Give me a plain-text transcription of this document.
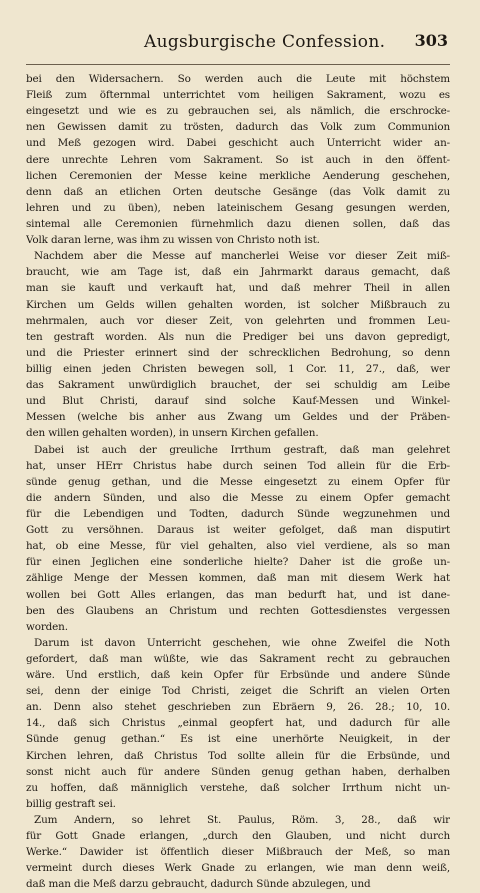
Augsburgische Confession. 303
bei den Widersachern. So werden auch die Leute mit höchstem
Fleiß zum öfternmal unterrichtet vom heiligen Sakrament, wozu es
eingesetzt und wie es zu gebrauchen sei, als nämlich, die erschrocke-
nen Gewissen damit zu trösten, dadurch das Volk zum Communion
und Meß gezogen wird. Dabei geschicht auch Unterricht wider an-
dere unrechte Lehren vom Sakrament. So ist auch in den öffent-
lichen Ceremonien der Messe keine merkliche Aenderung geschehen,
denn daß an etlichen Orten deutsche Gesänge (das Volk damit zu
lehren und zu üben), neben lateinischem Gesang gesungen werden,
sintemal alle Ceremonien fürnehmlich dazu dienen sollen, daß das
Volk daran lerne, was ihm zu wissen von Christo noth ist.
Nachdem aber die Messe auf mancherlei Weise vor dieser Zeit miß-
braucht, wie am Tage ist, daß ein Jahrmarkt daraus gemacht, daß
man sie kauft und verkauft hat, und daß mehrer Theil in allen
Kirchen um Gelds willen gehalten worden, ist solcher Mißbrauch zu
mehrmalen, auch vor dieser Zeit, von gelehrten und frommen Leu-
ten gestraft worden. Als nun die Prediger bei uns davon gepredigt,
und die Priester erinnert sind der schrecklichen Bedrohung, so denn
billig einen jeden Christen bewegen soll, 1 Cor. 11, 27., daß, wer
das Sakrament unwürdiglich brauchet, der sei schuldig am Leibe
und Blut Christi, darauf sind solche Kauf-Messen und Winkel-
Messen (welche bis anher aus Zwang um Geldes und der Präben-
den willen gehalten worden), in unsern Kirchen gefallen.
Dabei ist auch der greuliche Irrthum gestraft, daß man gelehret
hat, unser HErr Christus habe durch seinen Tod allein für die Erb-
sünde genug gethan, und die Messe eingesetzt zu einem Opfer für
die andern Sünden, und also die Messe zu einem Opfer gemacht
für die Lebendigen und Todten, dadurch Sünde wegzunehmen und
Gott zu versöhnen. Daraus ist weiter gefolget, daß man disputirt
hat, ob eine Messe, für viel gehalten, also viel verdiene, als so man
für einen Jeglichen eine sonderliche hielte? Daher ist die große un-
zählige Menge der Messen kommen, daß man mit diesem Werk hat
wollen bei Gott Alles erlangen, das man bedurft hat, und ist dane-
ben des Glaubens an Christum und rechten Gottesdienstes vergessen
worden.
Darum ist davon Unterricht geschehen, wie ohne Zweifel die Noth
gefordert, daß man wüßte, wie das Sakrament recht zu gebrauchen
wäre. Und erstlich, daß kein Opfer für Erbsünde und andere Sünde
sei, denn der einige Tod Christi, zeiget die Schrift an vielen Orten
an. Denn also stehet geschrieben zun Ebräern 9, 26. 28.; 10, 10.
14., daß sich Christus „einmal geopfert hat, und dadurch für alle
Sünde genug gethan.“ Es ist eine unerhörte Neuigkeit, in der
Kirchen lehren, daß Christus Tod sollte allein für die Erbsünde, und
sonst nicht auch für andere Sünden genug gethan haben, derhalben
zu hoffen, daß männiglich verstehe, daß solcher Irrthum nicht un-
billig gestraft sei.
Zum Andern, so lehret St. Paulus, Röm. 3, 28., daß wir
für Gott Gnade erlangen, „durch den Glauben, und nicht durch
Werke.“ Dawider ist öffentlich dieser Mißbrauch der Meß, so man
vermeint durch dieses Werk Gnade zu erlangen, wie man denn weiß,
daß man die Meß darzu gebraucht, dadurch Sünde abzulegen, und
